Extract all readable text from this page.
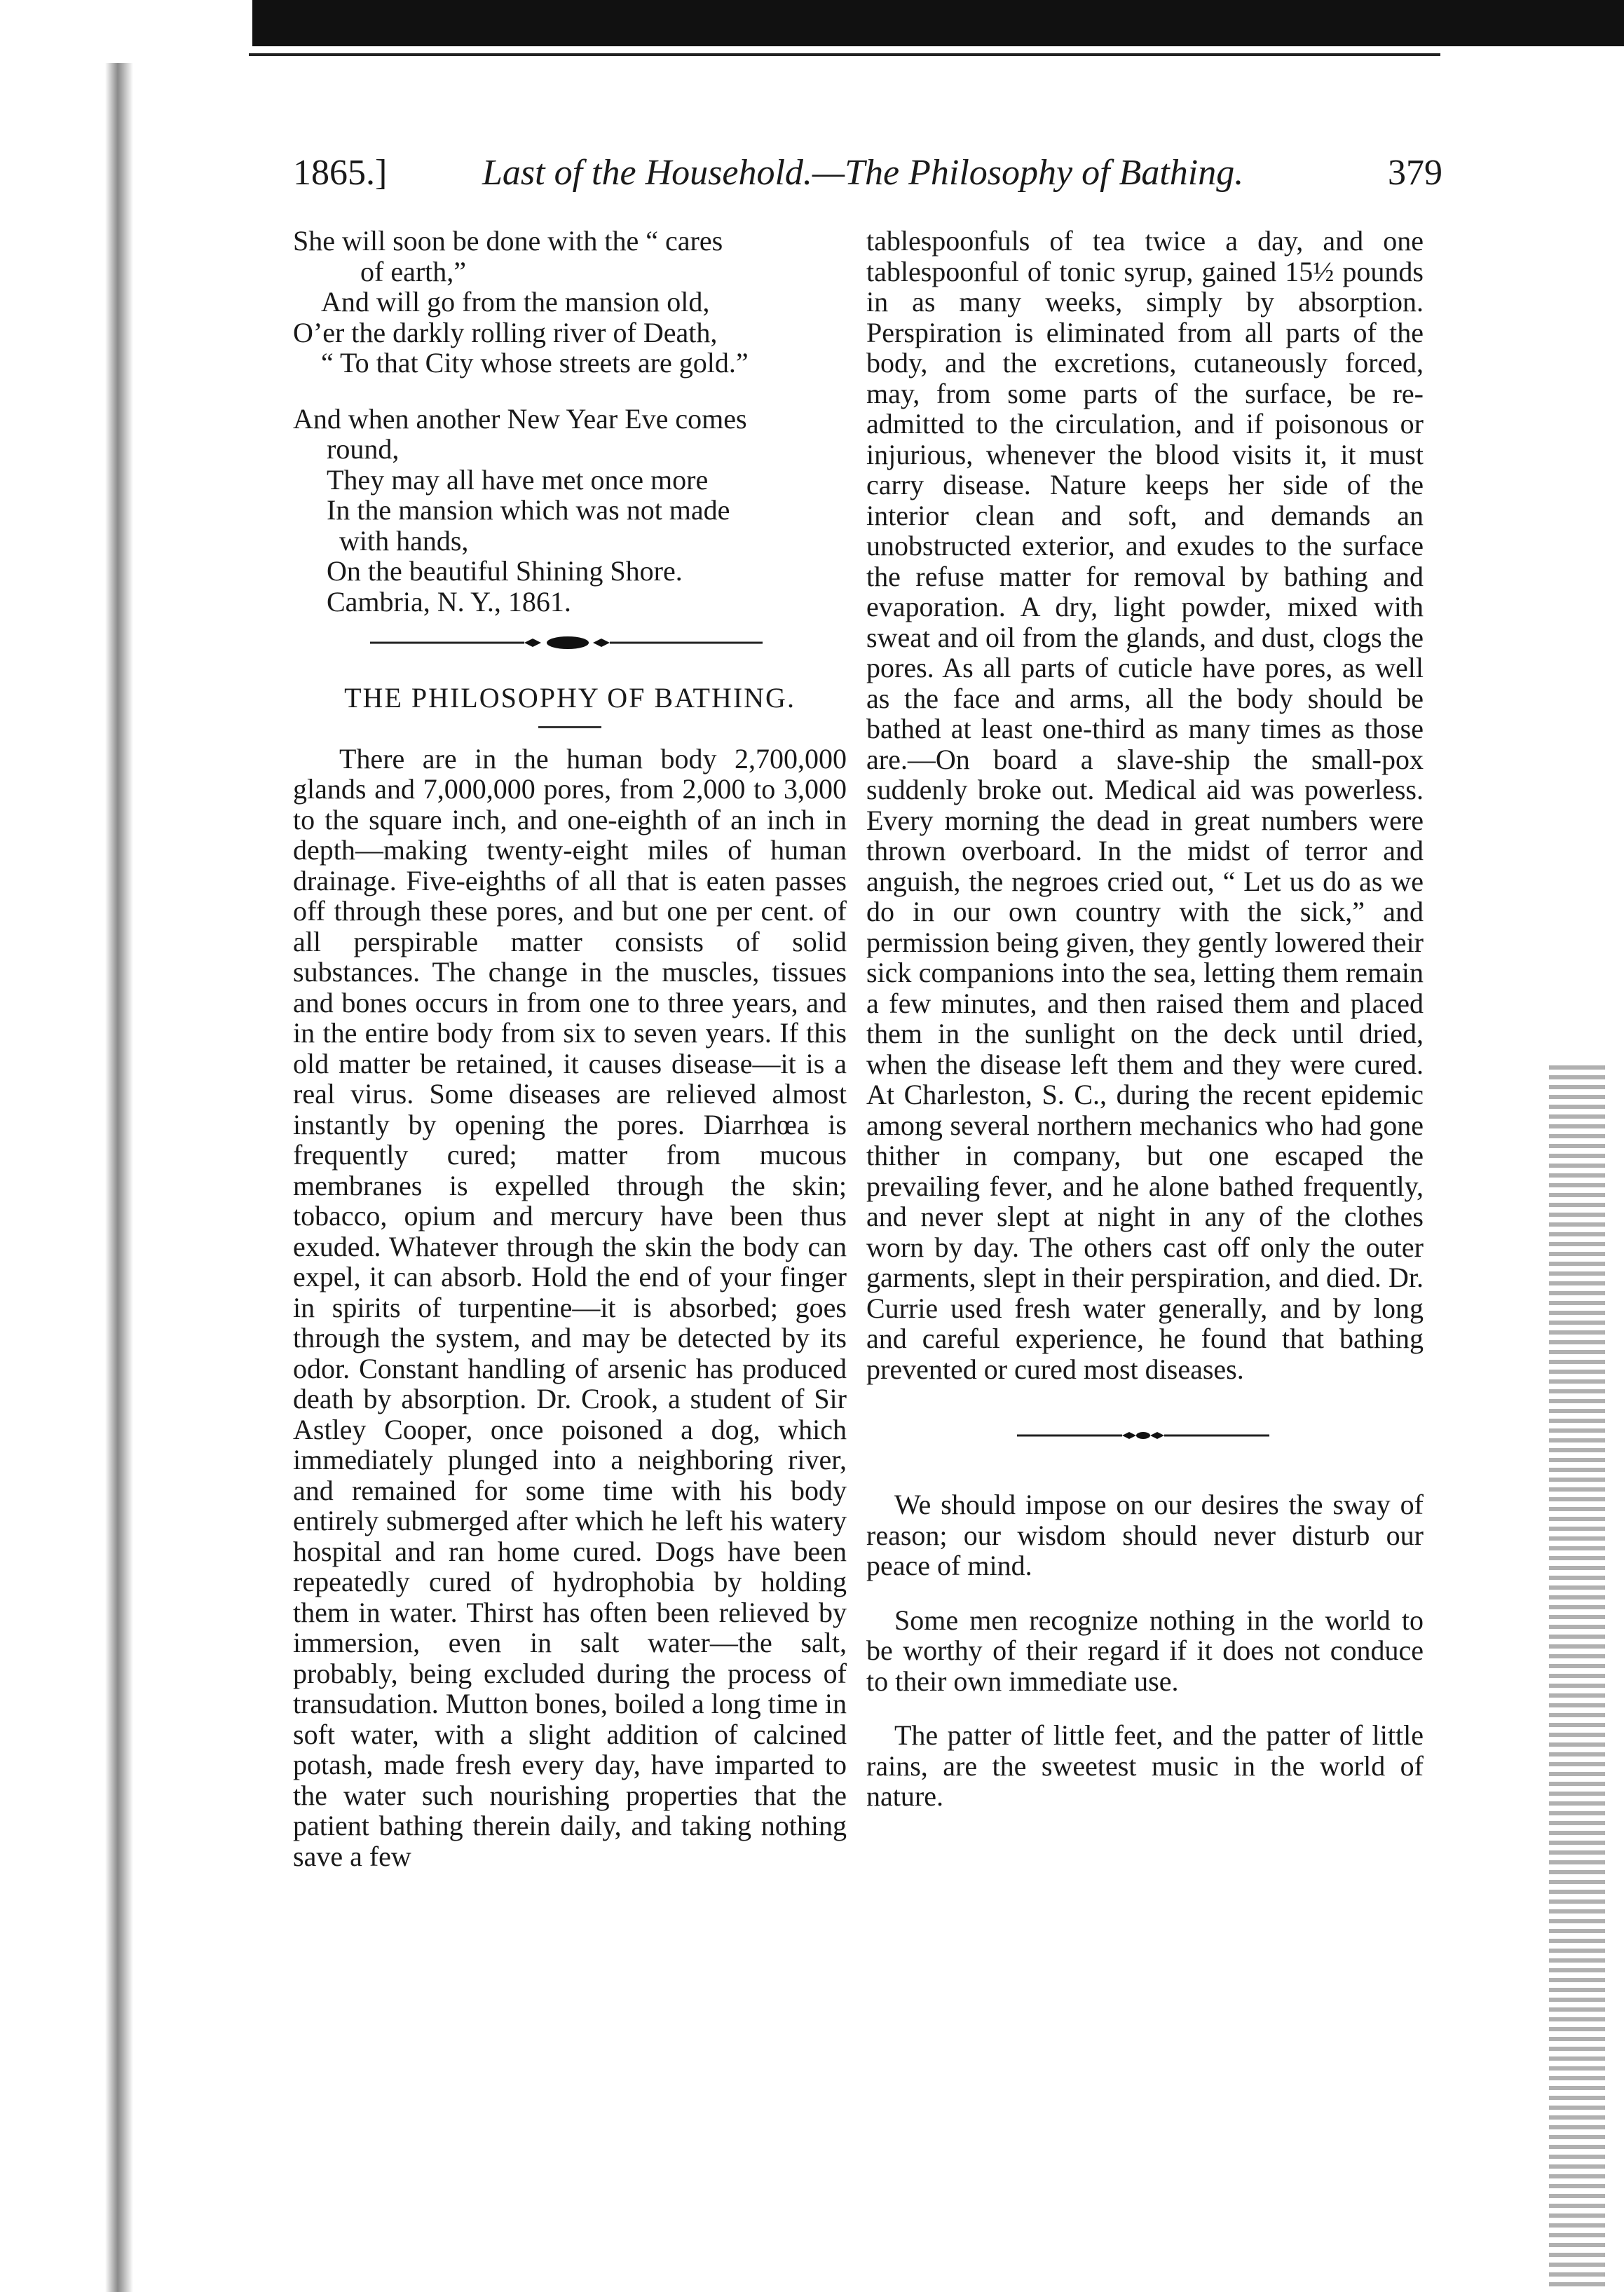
1865.]	Last of the Household.—The Philosophy of Bathing.	379
She will soon be done with the “ cares
of earth,”
And will go from the mansion old,
O’er the darkly rolling river of Death,
“ To that City whose streets are gold.”
And when another New Year Eve comes
round,
They may all have met once more
In the mansion which was not made
with hands,
On the beautiful Shining Shore.
Cambria, N. Y., 1861.
THE PHILOSOPHY OF BATHING.

There are in the human body 2,700,000 glands and 7,000,000 pores, from 2,000 to 3,000 to the square inch, and one-eighth of an inch in depth—making twenty-eight miles of human drainage. Five-eighths of all that is eaten passes off through these pores, and but one per cent. of all perspirable matter consists of solid substances. The change in the muscles, tissues and bones occurs in from one to three years, and in the entire body from six to seven years. If this old matter be retained, it causes disease—it is a real virus. Some diseases are relieved almost instantly by opening the pores. Diarrhœa is frequently cured; matter from mucous membranes is expelled through the skin; tobacco, opium and mercury have been thus exuded. Whatever through the skin the body can expel, it can absorb. Hold the end of your finger in spirits of turpentine—it is absorbed; goes through the system, and may be detected by its odor. Constant handling of arsenic has produced death by absorption. Dr. Crook, a student of Sir Astley Cooper, once poisoned a dog, which immediately plunged into a neighboring river, and remained for some time with his body entirely submerged after which he left his watery hospital and ran home cured. Dogs have been repeatedly cured of hydrophobia by holding them in water. Thirst has often been relieved by immersion, even in salt water—the salt, probably, being excluded during the process of transudation. Mutton bones, boiled a long time in soft water, with a slight addition of calcined potash, made fresh every day, have imparted to the water such nourishing properties that the patient bathing therein daily, and taking nothing save a few

tablespoonfuls of tea twice a day, and one tablespoonful of tonic syrup, gained 15½ pounds in as many weeks, simply by absorption. Perspiration is eliminated from all parts of the body, and the excretions, cutaneously forced, may, from some parts of the surface, be re-admitted to the circulation, and if poisonous or injurious, whenever the blood visits it, it must carry disease. Nature keeps her side of the interior clean and soft, and demands an unobstructed exterior, and exudes to the surface the refuse matter for removal by bathing and evaporation. A dry, light powder, mixed with sweat and oil from the glands, and dust, clogs the pores. As all parts of cuticle have pores, as well as the face and arms, all the body should be bathed at least one-third as many times as those are.—On board a slave-ship the small-pox suddenly broke out. Medical aid was powerless. Every morning the dead in great numbers were thrown overboard. In the midst of terror and anguish, the negroes cried out, “ Let us do as we do in our own country with the sick,” and permission being given, they gently lowered their sick companions into the sea, letting them remain a few minutes, and then raised them and placed them in the sunlight on the deck until dried, when the disease left them and they were cured. At Charleston, S. C., during the recent epidemic among several northern mechanics who had gone thither in company, but one escaped the prevailing fever, and he alone bathed frequently, and never slept at night in any of the clothes worn by day. The others cast off only the outer garments, slept in their perspiration, and died. Dr. Currie used fresh water generally, and by long and careful experience, he found that bathing prevented or cured most diseases.

We should impose on our desires the sway of reason; our wisdom should never disturb our peace of mind.

Some men recognize nothing in the world to be worthy of their regard if it does not conduce to their own immediate use.

The patter of little feet, and the patter of little rains, are the sweetest music in the world of nature.
